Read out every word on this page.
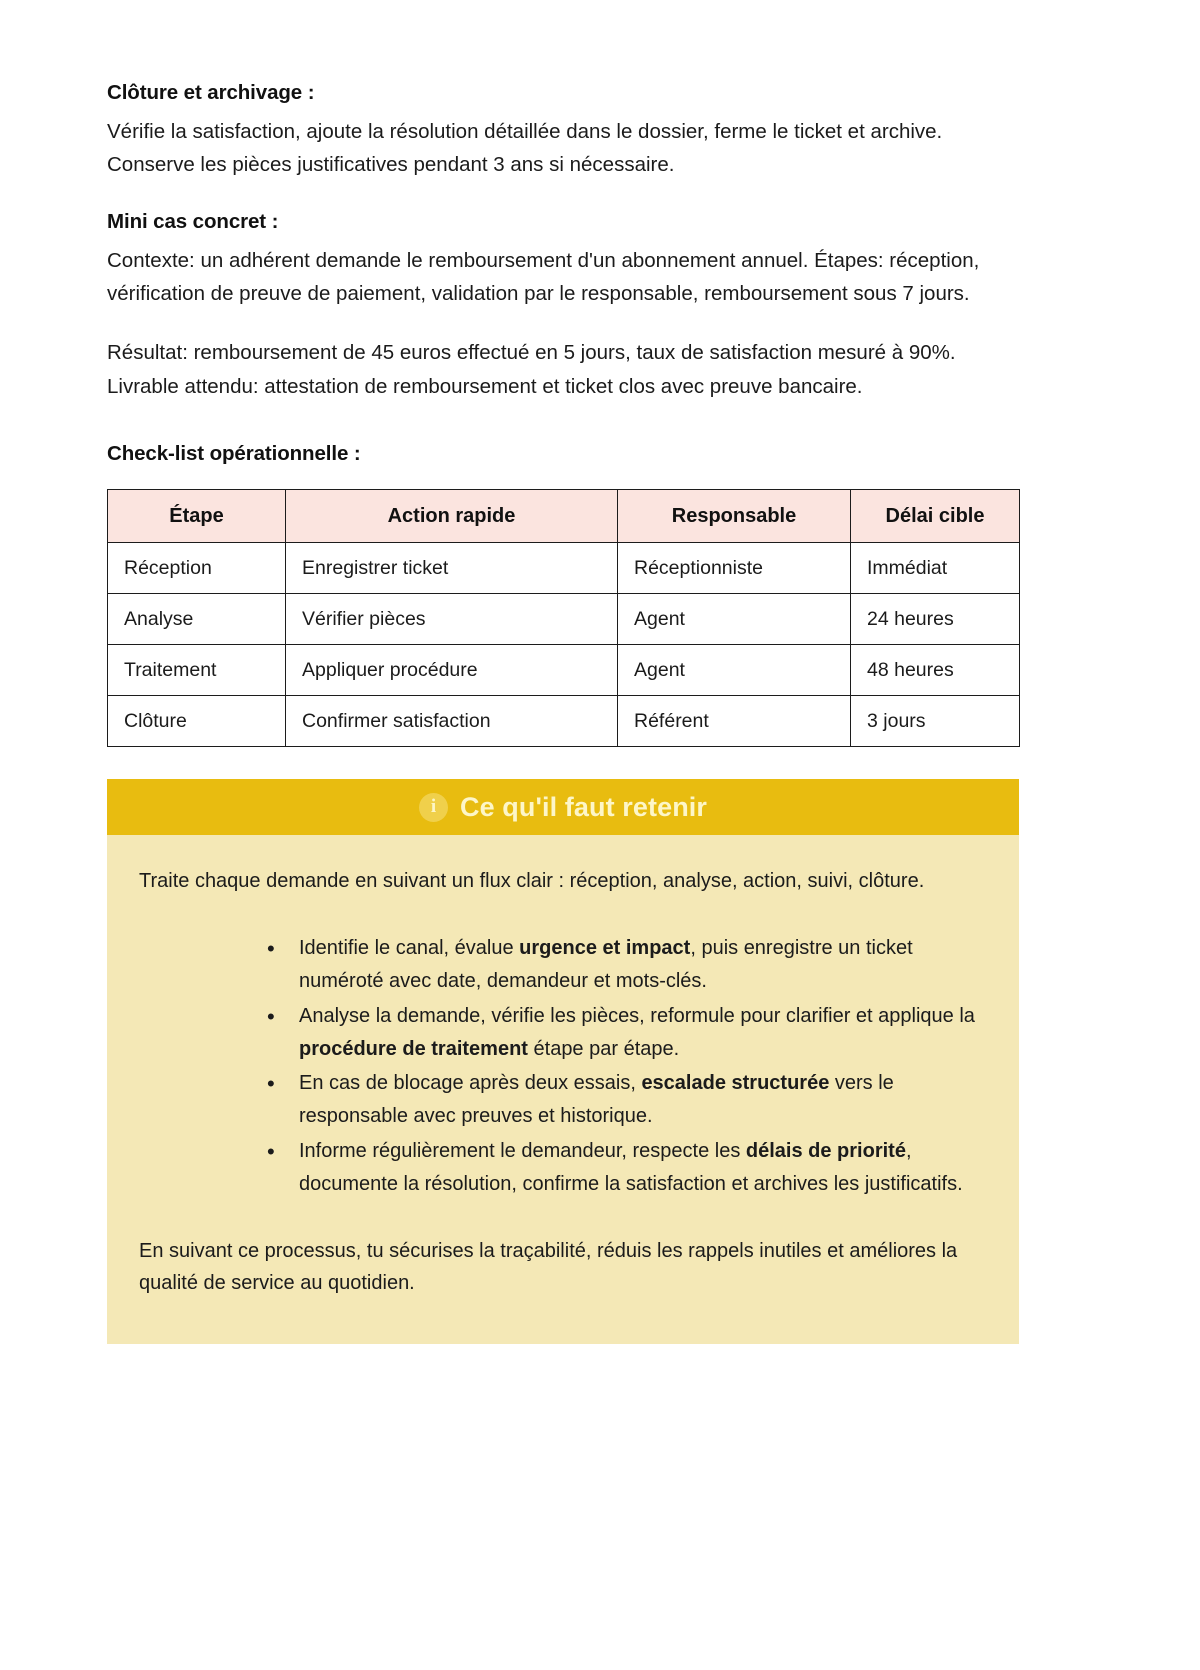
Clôture et archivage :

Vérifie la satisfaction, ajoute la résolution détaillée dans le dossier, ferme le ticket et archive. Conserve les pièces justificatives pendant 3 ans si nécessaire.

Mini cas concret :

Contexte: un adhérent demande le remboursement d'un abonnement annuel. Étapes: réception, vérification de preuve de paiement, validation par le responsable, remboursement sous 7 jours.

Résultat: remboursement de 45 euros effectué en 5 jours, taux de satisfaction mesuré à 90%. Livrable attendu: attestation de remboursement et ticket clos avec preuve bancaire.

Check-list opérationnelle :
Étape	Action rapide	Responsable	Délai cible
Réception	Enregistrer ticket	Réceptionniste	Immédiat
Analyse	Vérifier pièces	Agent	24 heures
Traitement	Appliquer procédure	Agent	48 heures
Clôture	Confirmer satisfaction	Référent	3 jours
i Ce qu'il faut retenir

Traite chaque demande en suivant un flux clair : réception, analyse, action, suivi, clôture.

• Identifie le canal, évalue urgence et impact, puis enregistre un ticket numéroté avec date, demandeur et mots-clés.
• Analyse la demande, vérifie les pièces, reformule pour clarifier et applique la procédure de traitement étape par étape.
• En cas de blocage après deux essais, escalade structurée vers le responsable avec preuves et historique.
• Informe régulièrement le demandeur, respecte les délais de priorité, documente la résolution, confirme la satisfaction et archives les justificatifs.

En suivant ce processus, tu sécurises la traçabilité, réduis les rappels inutiles et améliores la qualité de service au quotidien.
